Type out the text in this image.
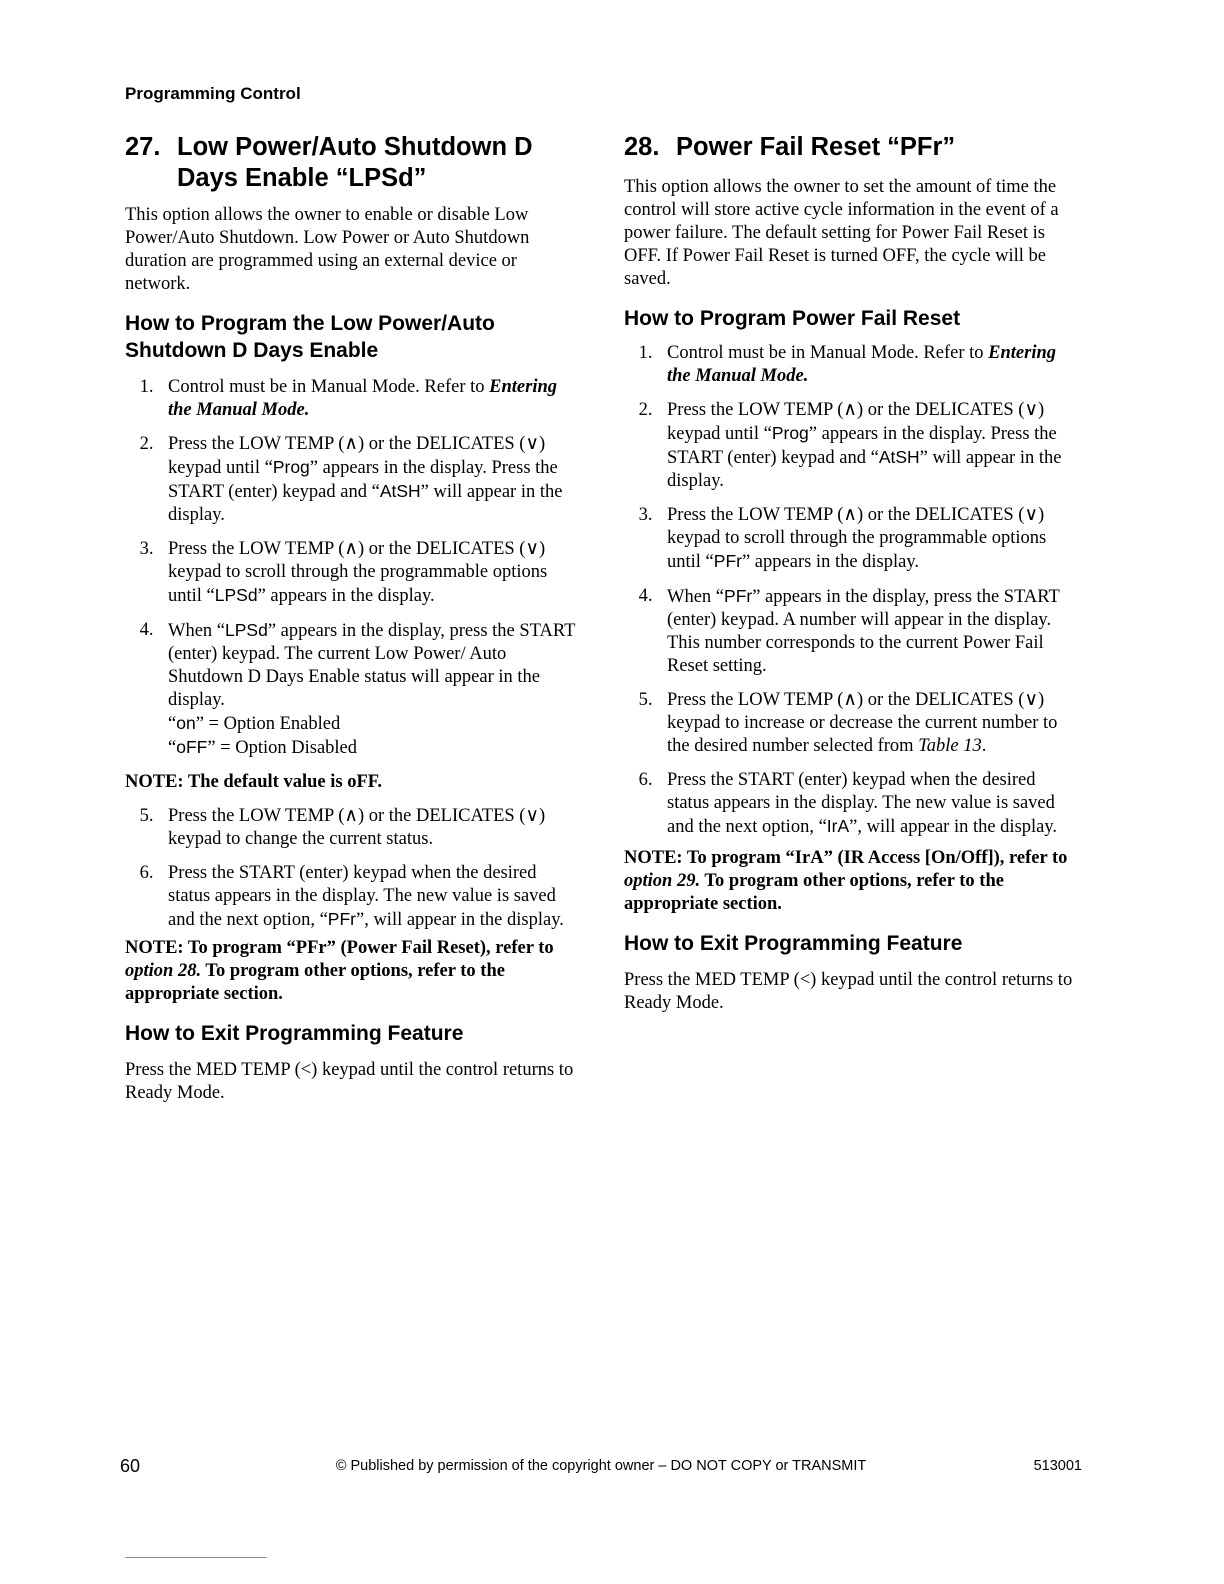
Programming Control
27. Low Power/Auto Shutdown D
Days Enable “LPSd”

This option allows the owner to enable or disable Low Power/Auto Shutdown. Low Power or Auto Shutdown duration are programmed using an external device or network.

How to Program the Low Power/Auto Shutdown D Days Enable
1. Control must be in Manual Mode. Refer to Entering the Manual Mode.
2. Press the LOW TEMP (∧) or the DELICATES (∨) keypad until “Prog” appears in the display. Press the START (enter) keypad and “AtSH” will appear in the display.
3. Press the LOW TEMP (∧) or the DELICATES (∨) keypad to scroll through the programmable options until “LPSd” appears in the display.
4. When “LPSd” appears in the display, press the START (enter) keypad. The current Low Power/ Auto Shutdown D Days Enable status will appear in the display.
“on” = Option Enabled
“oFF” = Option Disabled

NOTE: The default value is oFF.

5. Press the LOW TEMP (∧) or the DELICATES (∨) keypad to change the current status.
6. Press the START (enter) keypad when the desired status appears in the display. The new value is saved and the next option, “PFr”, will appear in the display.

NOTE: To program “PFr” (Power Fail Reset), refer to option 28. To program other options, refer to the appropriate section.

How to Exit Programming Feature

Press the MED TEMP (<) keypad until the control returns to Ready Mode.

28. Power Fail Reset “PFr”

This option allows the owner to set the amount of time the control will store active cycle information in the event of a power failure. The default setting for Power Fail Reset is OFF. If Power Fail Reset is turned OFF, the cycle will be saved.

How to Program Power Fail Reset
1. Control must be in Manual Mode. Refer to Entering the Manual Mode.
2. Press the LOW TEMP (∧) or the DELICATES (∨) keypad until “Prog” appears in the display. Press the START (enter) keypad and “AtSH” will appear in the display.
3. Press the LOW TEMP (∧) or the DELICATES (∨) keypad to scroll through the programmable options until “PFr” appears in the display.
4. When “PFr” appears in the display, press the START (enter) keypad. A number will appear in the display. This number corresponds to the current Power Fail Reset setting.
5. Press the LOW TEMP (∧) or the DELICATES (∨) keypad to increase or decrease the current number to the desired number selected from Table 13.
6. Press the START (enter) keypad when the desired status appears in the display. The new value is saved and the next option, “IrA”, will appear in the display.

NOTE: To program “IrA” (IR Access [On/Off]), refer to option 29. To program other options, refer to the appropriate section.

How to Exit Programming Feature

Press the MED TEMP (<) keypad until the control returns to Ready Mode.

60	© Published by permission of the copyright owner – DO NOT COPY or TRANSMIT	513001
